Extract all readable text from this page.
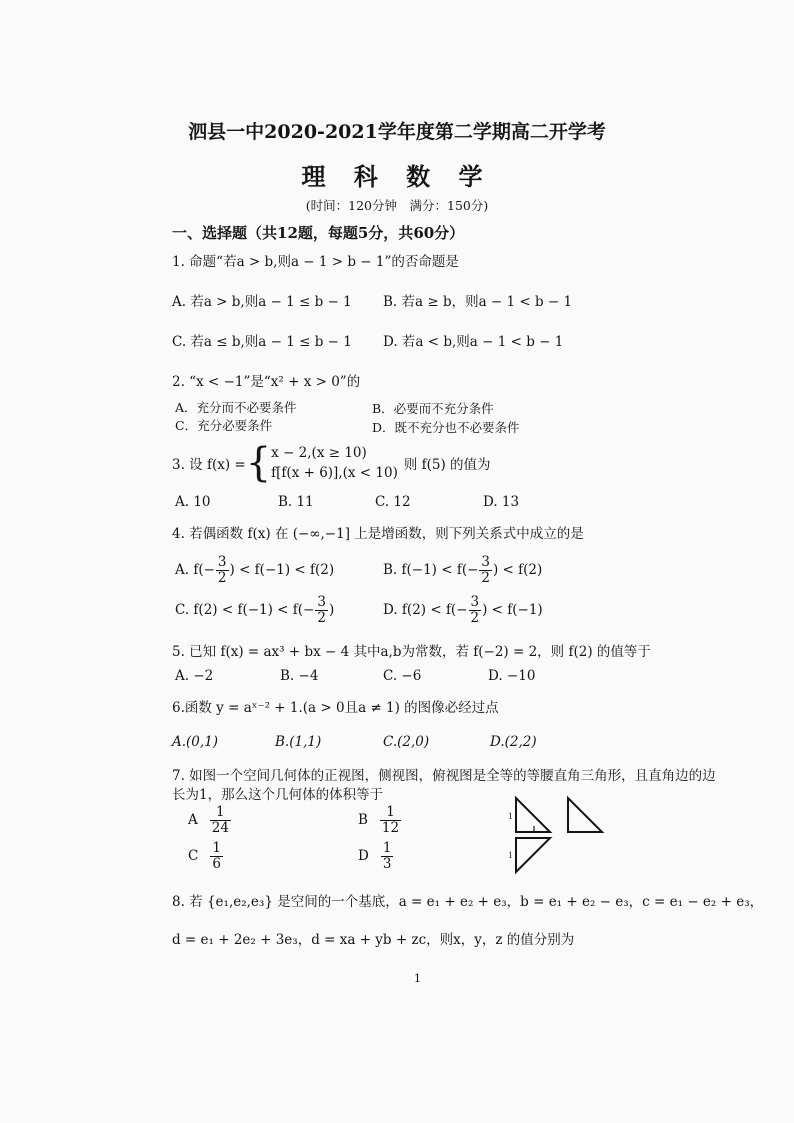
泗县一中2020-2021学年度第二学期高二开学考
理 科 数 学
(时间：120分钟　满分：150分)
一、选择题（共12题，每题5分，共60分）
1. 命题“若a > b,则a − 1 > b − 1”的否命题是
A. 若a > b,则a − 1 ≤ b − 1 B. 若a ≥ b，则a − 1 < b − 1
C. 若a ≤ b,则a − 1 ≤ b − 1 D. 若a < b,则a − 1 < b − 1
2. “x < −1”是“x² + x > 0”的
A．充分而不必要条件	B．必要而不充分条件
C．充分必要条件	D．既不充分也不必要条件
3. 设 f(x) = { x − 2,(x ≥ 10)
f[f(x + 6)],(x < 10) 则 f(5) 的值为
A. 10	B. 11	C. 12	D. 13
4. 若偶函数 f(x) 在 (−∞,−1] 上是增函数，则下列关系式中成立的是
A. $f(- \frac{3}{2}$ ) < f(−1) < f(2)	B. $f(-1) < f(- \frac{3}{2}$ ) < f(2)
C. $f(2) < f(-1) < f(- \frac{3}{2}$ )	D. $f(2) < f(- \frac{3}{2}$ ) < f(−1)
5. 已知 f(x) = ax³ + bx − 4 其中a,b为常数，若 f(−2) = 2，则 f(2) 的值等于
A. −2	B. −4	C. −6	D. −10
6.函数 y = aˣ⁻² + 1.(a > 0且a ≠ 1) 的图像必经过点
A.(0,1)	B.(1,1)	C.(2,0)	D.(2,2)
7. 如图一个空间几何体的正视图，侧视图，俯视图是全等的等腰直角三角形，且直角边的边
长为1，那么这个几何体的体积等于
A $\frac{1}{24}$	B $\frac{1}{12}$
C $\frac{1}{6}$	D $\frac{1}{3}$
1
1
8. 若 {e₁,e₂,e₃} 是空间的一个基底，a = e₁ + e₂ + e₃，b = e₁ + e₂ − e₃，c = e₁ − e₂ + e₃，
d = e₁ + 2e₂ + 3e₃，d = xa + yb + zc，则x，y，z 的值分别为
1
